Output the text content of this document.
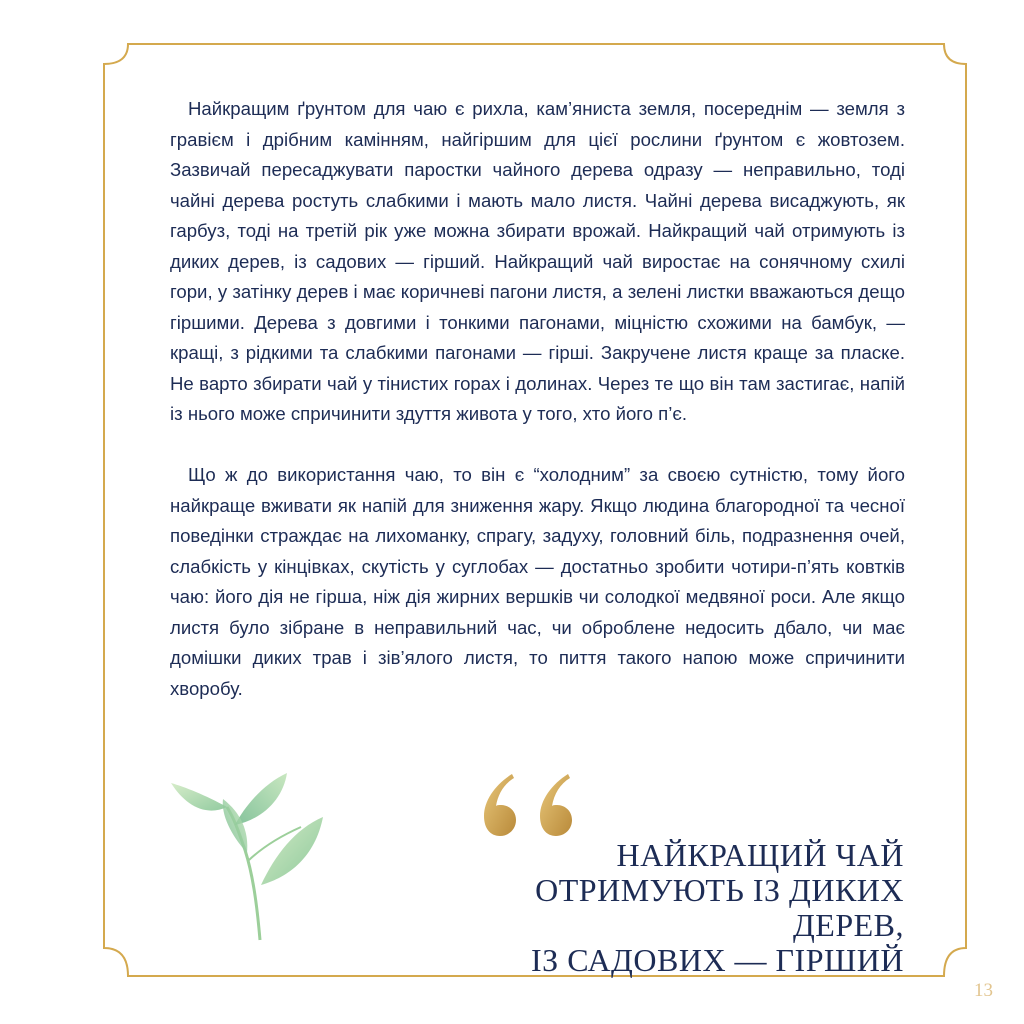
Найкращим ґрунтом для чаю є рихла, кам’яниста земля, посереднім — земля з гравієм і дрібним камінням, найгіршим для цієї рослини ґрунтом є жовтозем. Зазвичай пересаджувати паростки чайного дерева одразу — неправильно, тоді чайні дерева ростуть слабкими і мають мало листя. Чайні дерева висаджують, як гарбуз, тоді на третій рік уже можна збирати врожай. Найкращий чай отримують із диких дерев, із садових — гірший. Найкращий чай виростає на сонячному схилі гори, у затінку дерев і має коричневі пагони листя, а зелені листки вважаються дещо гіршими. Дерева з довгими і тонкими пагонами, міцністю схожими на бамбук, — кращі, з рідкими та слабкими пагонами — гірші. Закручене листя краще за пласке. Не варто збирати чай у тінистих горах і долинах. Через те що він там застигає, напій із нього може спричинити здуття живота у того, хто його п’є.

Що ж до використання чаю, то він є “холодним” за своєю сутністю, тому його найкраще вживати як напій для зниження жару. Якщо людина благородної та чесної поведінки страждає на лихоманку, спрагу, задуху, головний біль, подразнення очей, слабкість у кінцівках, скутість у суглобах — достатньо зробити чотири-п’ять ковтків чаю: його дія не гірша, ніж дія жирних вершків чи солодкої медвяної роси. Але якщо листя було зібране в неправильний час, чи оброблене недосить дбало, чи має домішки диких трав і зів’ялого листя, то пиття такого напою може спричинити хворобу.

НАЙКРАЩИЙ ЧАЙ
ОТРИМУЮТЬ ІЗ ДИКИХ ДЕРЕВ,
ІЗ САДОВИХ — ГІРШИЙ
13
